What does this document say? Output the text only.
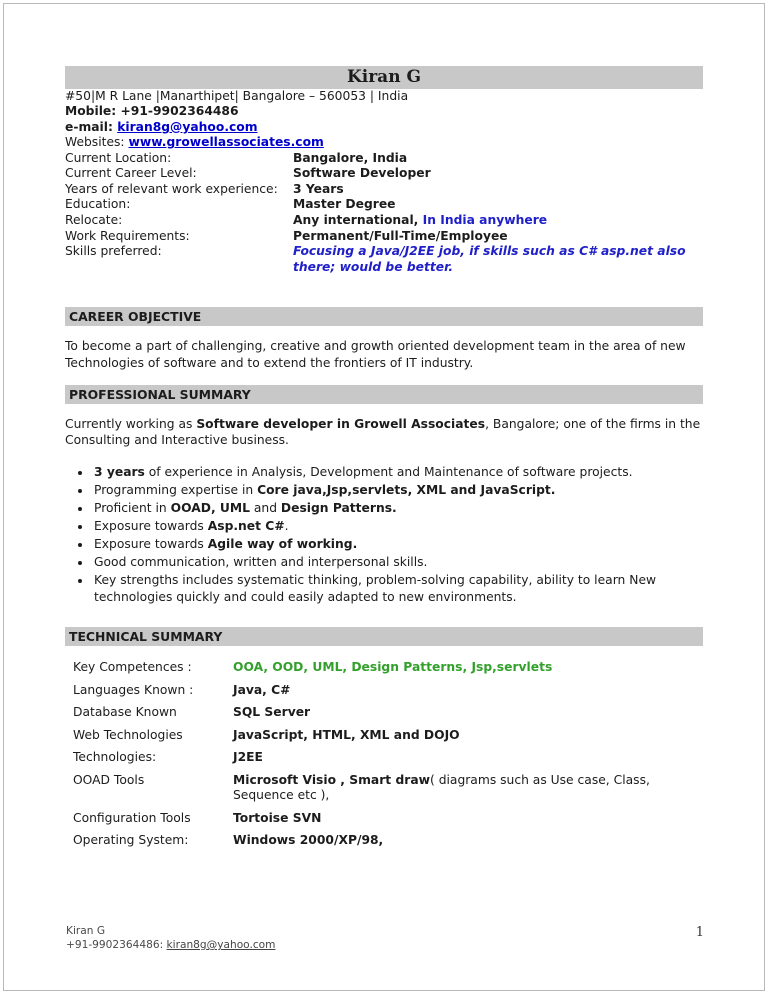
Kiran G
#50|M R Lane |Manarthipet| Bangalore – 560053 | India
Mobile: +91-9902364486
e-mail: kiran8g@yahoo.com
Websites: www.growellassociates.com
Current Location:	Bangalore, India
Current Career Level:	Software Developer
Years of relevant work experience:	3 Years
Education:	Master Degree
Relocate:	Any international, In India anywhere
Work Requirements:	Permanent/Full-Time/Employee
Skills preferred:	Focusing a Java/J2EE job, if skills such as C# asp.net also there; would be better.
CAREER OBJECTIVE
To become a part of challenging, creative and growth oriented development team in the area of new Technologies of software and to extend the frontiers of IT industry.
PROFESSIONAL SUMMARY
Currently working as Software developer in Growell Associates, Bangalore; one of the firms in the Consulting and Interactive business.
• 3 years of experience in Analysis, Development and Maintenance of software projects.
• Programming expertise in Core java,Jsp,servlets, XML and JavaScript.
• Proficient in OOAD, UML and Design Patterns.
• Exposure towards Asp.net C#.
• Exposure towards Agile way of working.
• Good communication, written and interpersonal skills.
• Key strengths includes systematic thinking, problem-solving capability, ability to learn New technologies quickly and could easily adapted to new environments.
TECHNICAL SUMMARY
Key Competences :	OOA, OOD, UML, Design Patterns, Jsp,servlets
Languages Known :	Java, C#
Database Known	SQL Server
Web Technologies	JavaScript, HTML, XML and DOJO
Technologies:	J2EE
OOAD Tools	Microsoft Visio , Smart draw( diagrams such as Use case, Class, Sequence etc ),
Configuration Tools	Tortoise SVN
Operating System:	Windows 2000/XP/98,
Kiran G
+91-9902364486: kiran8g@yahoo.com
1
